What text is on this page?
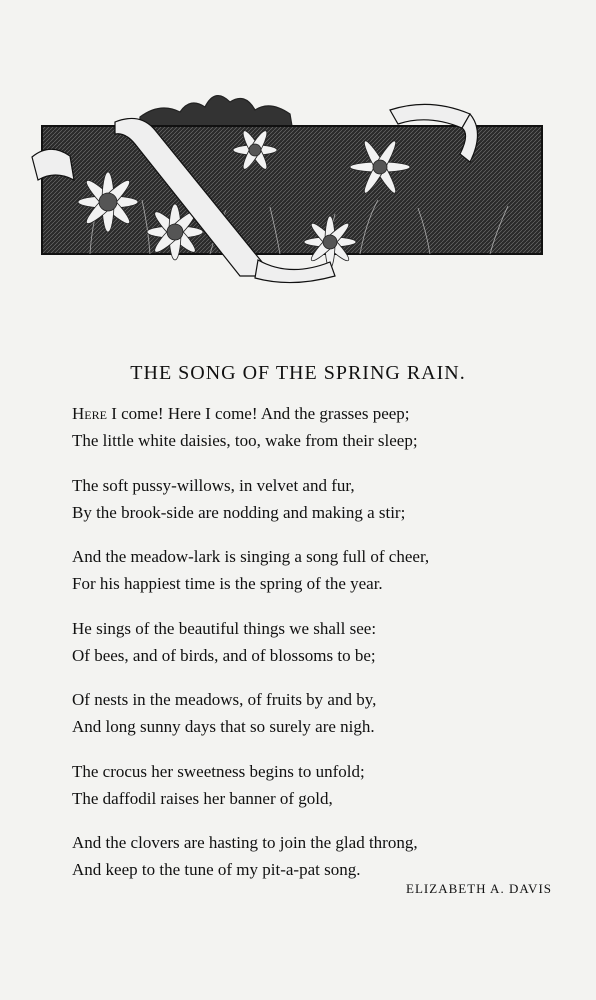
THE SONG OF THE SPRING RAIN.
Here I come! Here I come! And the grasses peep;
The little white daisies, too, wake from their sleep;
The soft pussy-willows, in velvet and fur,
By the brook-side are nodding and making a stir;
And the meadow-lark is singing a song full of cheer,
For his happiest time is the spring of the year.
He sings of the beautiful things we shall see:
Of bees, and of birds, and of blossoms to be;
Of nests in the meadows, of fruits by and by,
And long sunny days that so surely are nigh.
The crocus her sweetness begins to unfold;
The daffodil raises her banner of gold,
And the clovers are hasting to join the glad throng,
And keep to the tune of my pit-a-pat song.
ELIZABETH A. DAVIS
